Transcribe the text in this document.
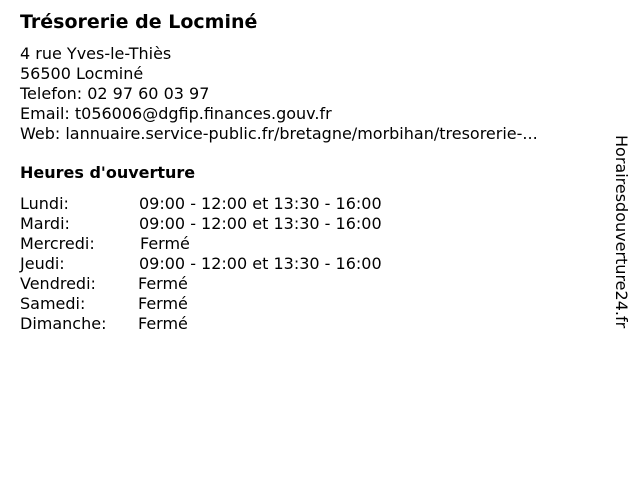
Trésorerie de Locminé
4 rue Yves-le-Thiès
56500 Locminé
Telefon: 02 97 60 03 97
Email: t056006@dgfip.finances.gouv.fr
Web: lannuaire.service-public.fr/bretagne/morbihan/tresorerie-...
Heures d'ouverture
Lundi:	09:00 - 12:00 et 13:30 - 16:00
Mardi:	09:00 - 12:00 et 13:30 - 16:00
Mercredi:	Fermé
Jeudi:	09:00 - 12:00 et 13:30 - 16:00
Vendredi:	Fermé
Samedi:	Fermé
Dimanche: Fermé	Horairesdouverture24.fr
